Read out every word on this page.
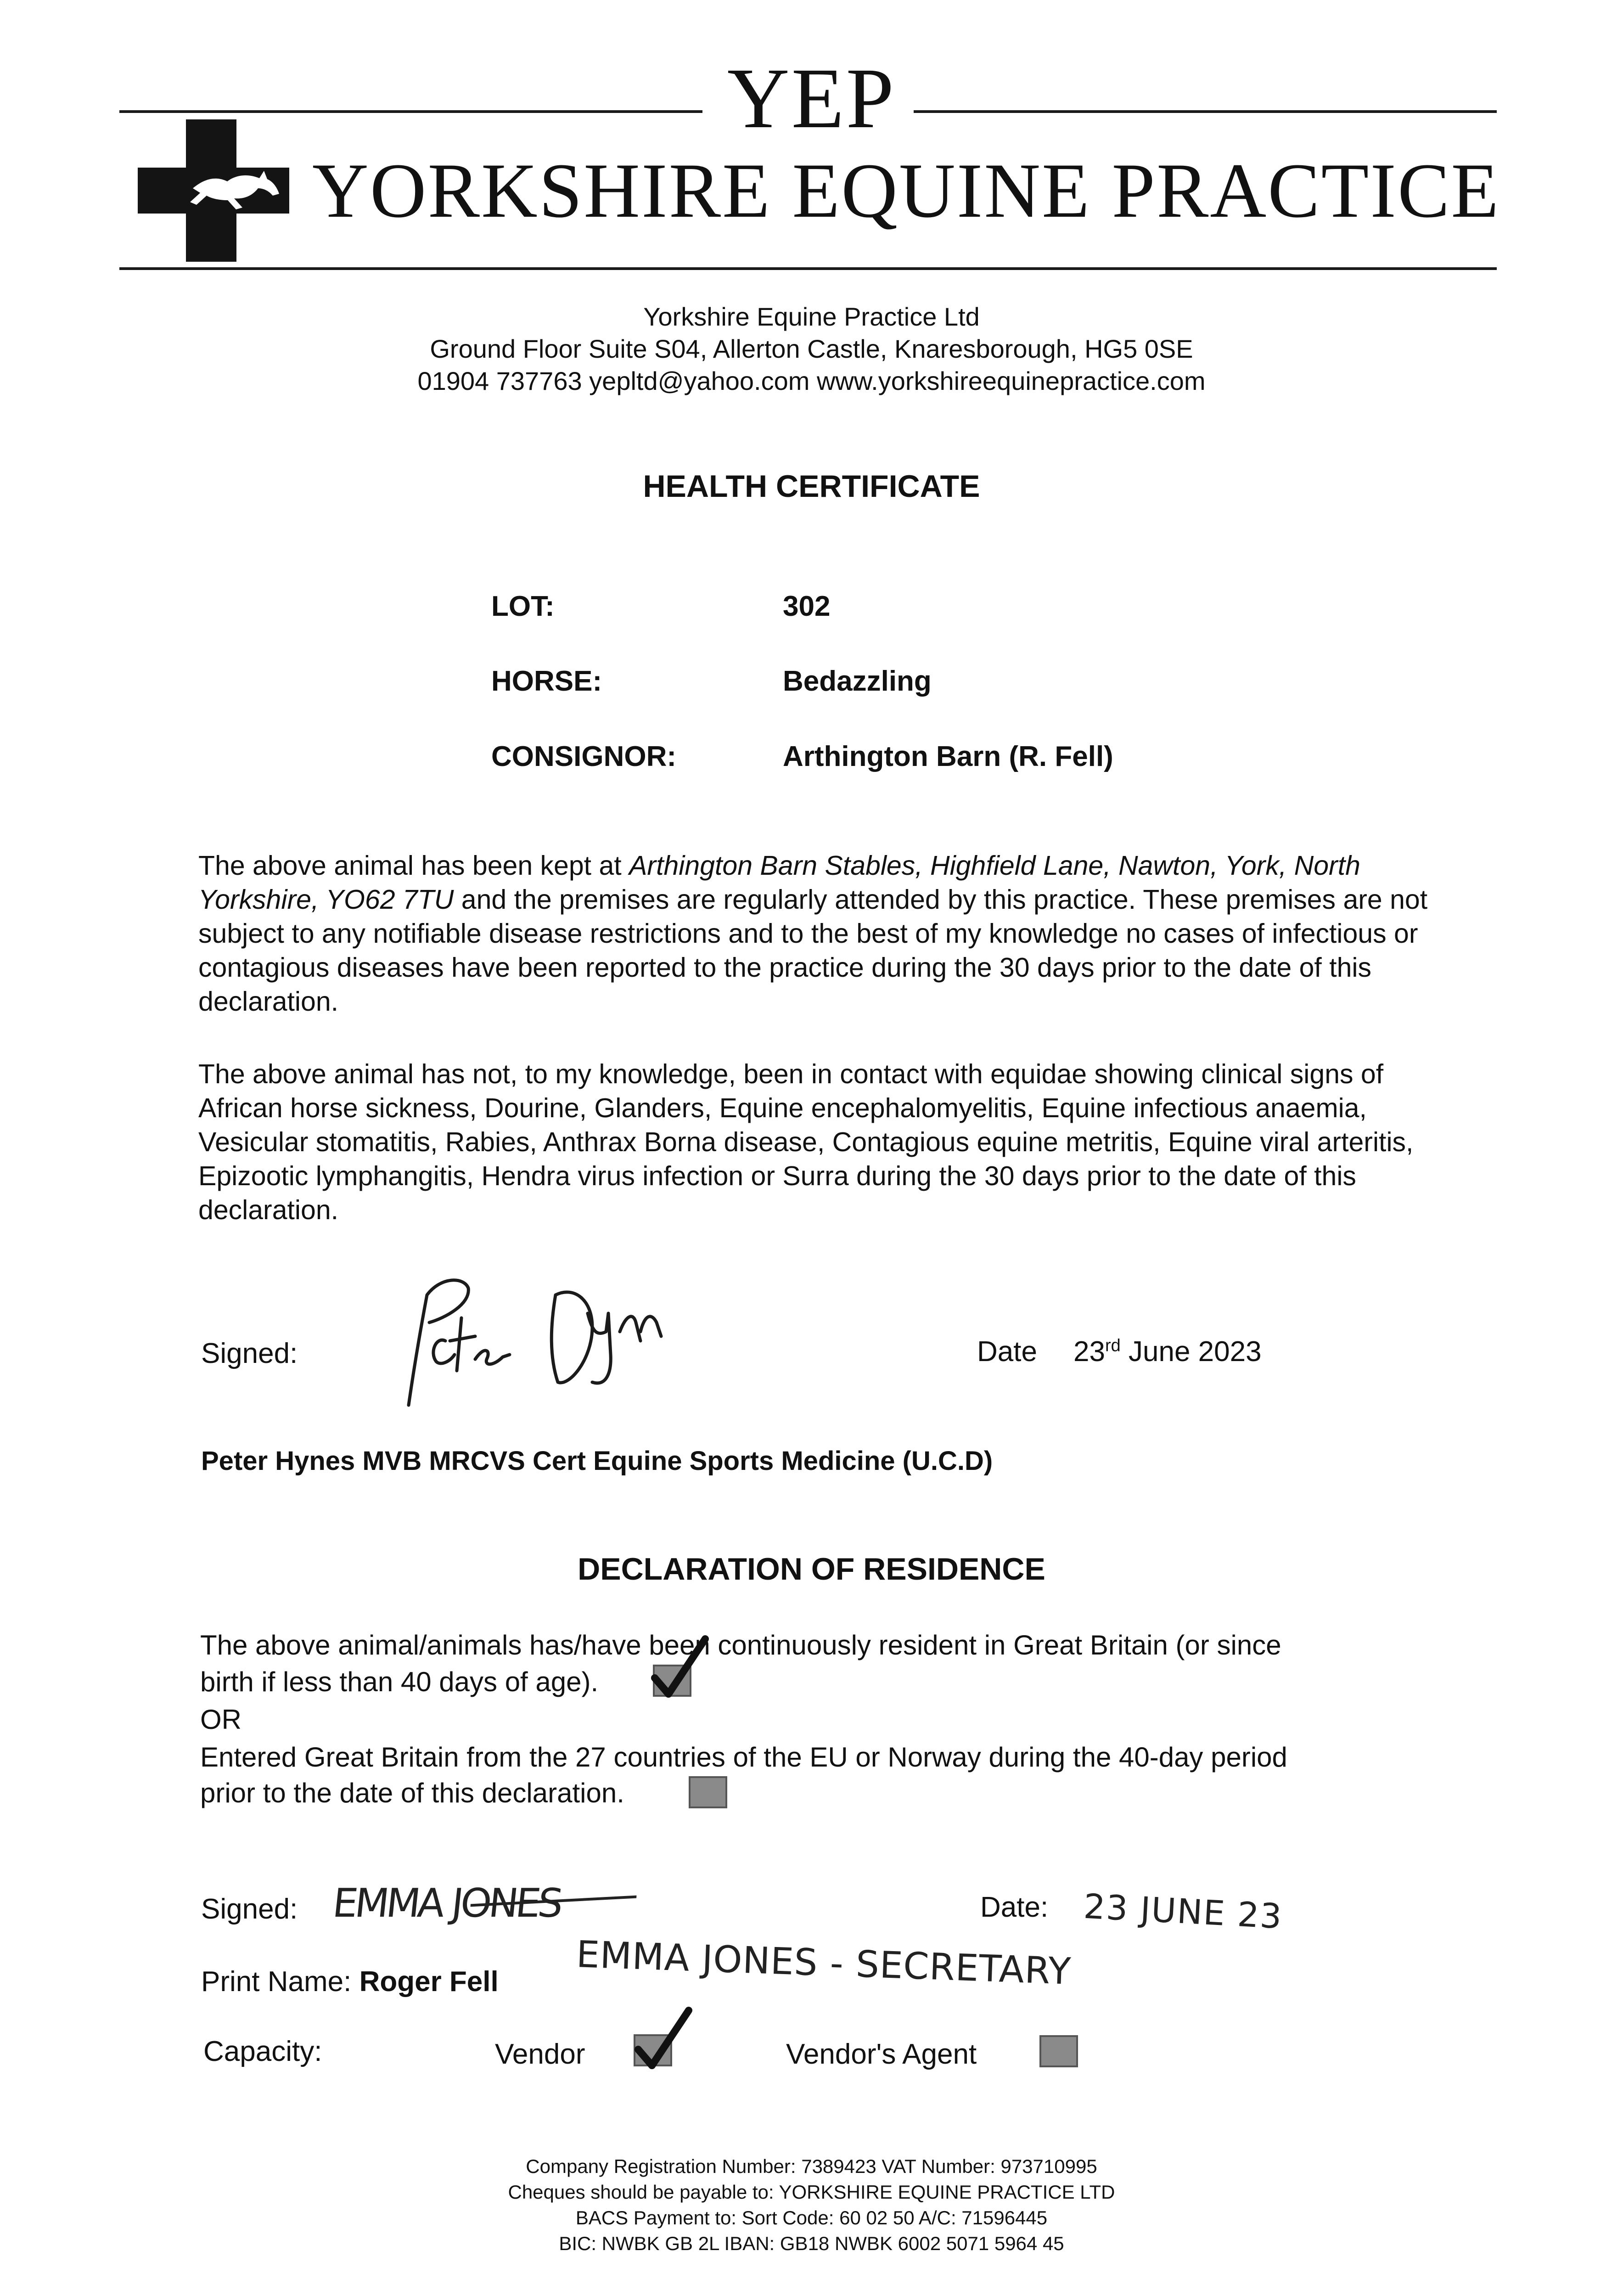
YEP
YORKSHIRE EQUINE PRACTICE
Yorkshire Equine Practice Ltd
Ground Floor Suite S04, Allerton Castle, Knaresborough, HG5 0SE
01904 737763 yepltd@yahoo.com www.yorkshireequinepractice.com
HEALTH CERTIFICATE
LOT:	302
HORSE:	Bedazzling
CONSIGNOR:	Arthington Barn (R. Fell)
The above animal has been kept at Arthington Barn Stables, Highfield Lane, Nawton, York, North Yorkshire, YO62 7TU and the premises are regularly attended by this practice. These premises are not subject to any notifiable disease restrictions and to the best of my knowledge no cases of infectious or contagious diseases have been reported to the practice during the 30 days prior to the date of this declaration.
The above animal has not, to my knowledge, been in contact with equidae showing clinical signs of African horse sickness, Dourine, Glanders, Equine encephalomyelitis, Equine infectious anaemia, Vesicular stomatitis, Rabies, Anthrax Borna disease, Contagious equine metritis, Equine viral arteritis, Epizootic lymphangitis, Hendra virus infection or Surra during the 30 days prior to the date of this declaration.
Signed:	Date 23rd June 2023
Peter Hynes MVB MRCVS Cert Equine Sports Medicine (U.C.D)
DECLARATION OF RESIDENCE
The above animal/animals has/have been continuously resident in Great Britain (or since
birth if less than 40 days of age).
OR
Entered Great Britain from the 27 countries of the EU or Norway during the 40-day period
prior to the date of this declaration.
Signed: EMMA JONES	Date: 23 JUNE 23
Print Name: Roger Fell EMMA JONES - SECRETARY
Capacity:	Vendor	Vendor's Agent
Company Registration Number: 7389423 VAT Number: 973710995
Cheques should be payable to: YORKSHIRE EQUINE PRACTICE LTD
BACS Payment to: Sort Code: 60 02 50 A/C: 71596445
BIC: NWBK GB 2L IBAN: GB18 NWBK 6002 5071 5964 45
